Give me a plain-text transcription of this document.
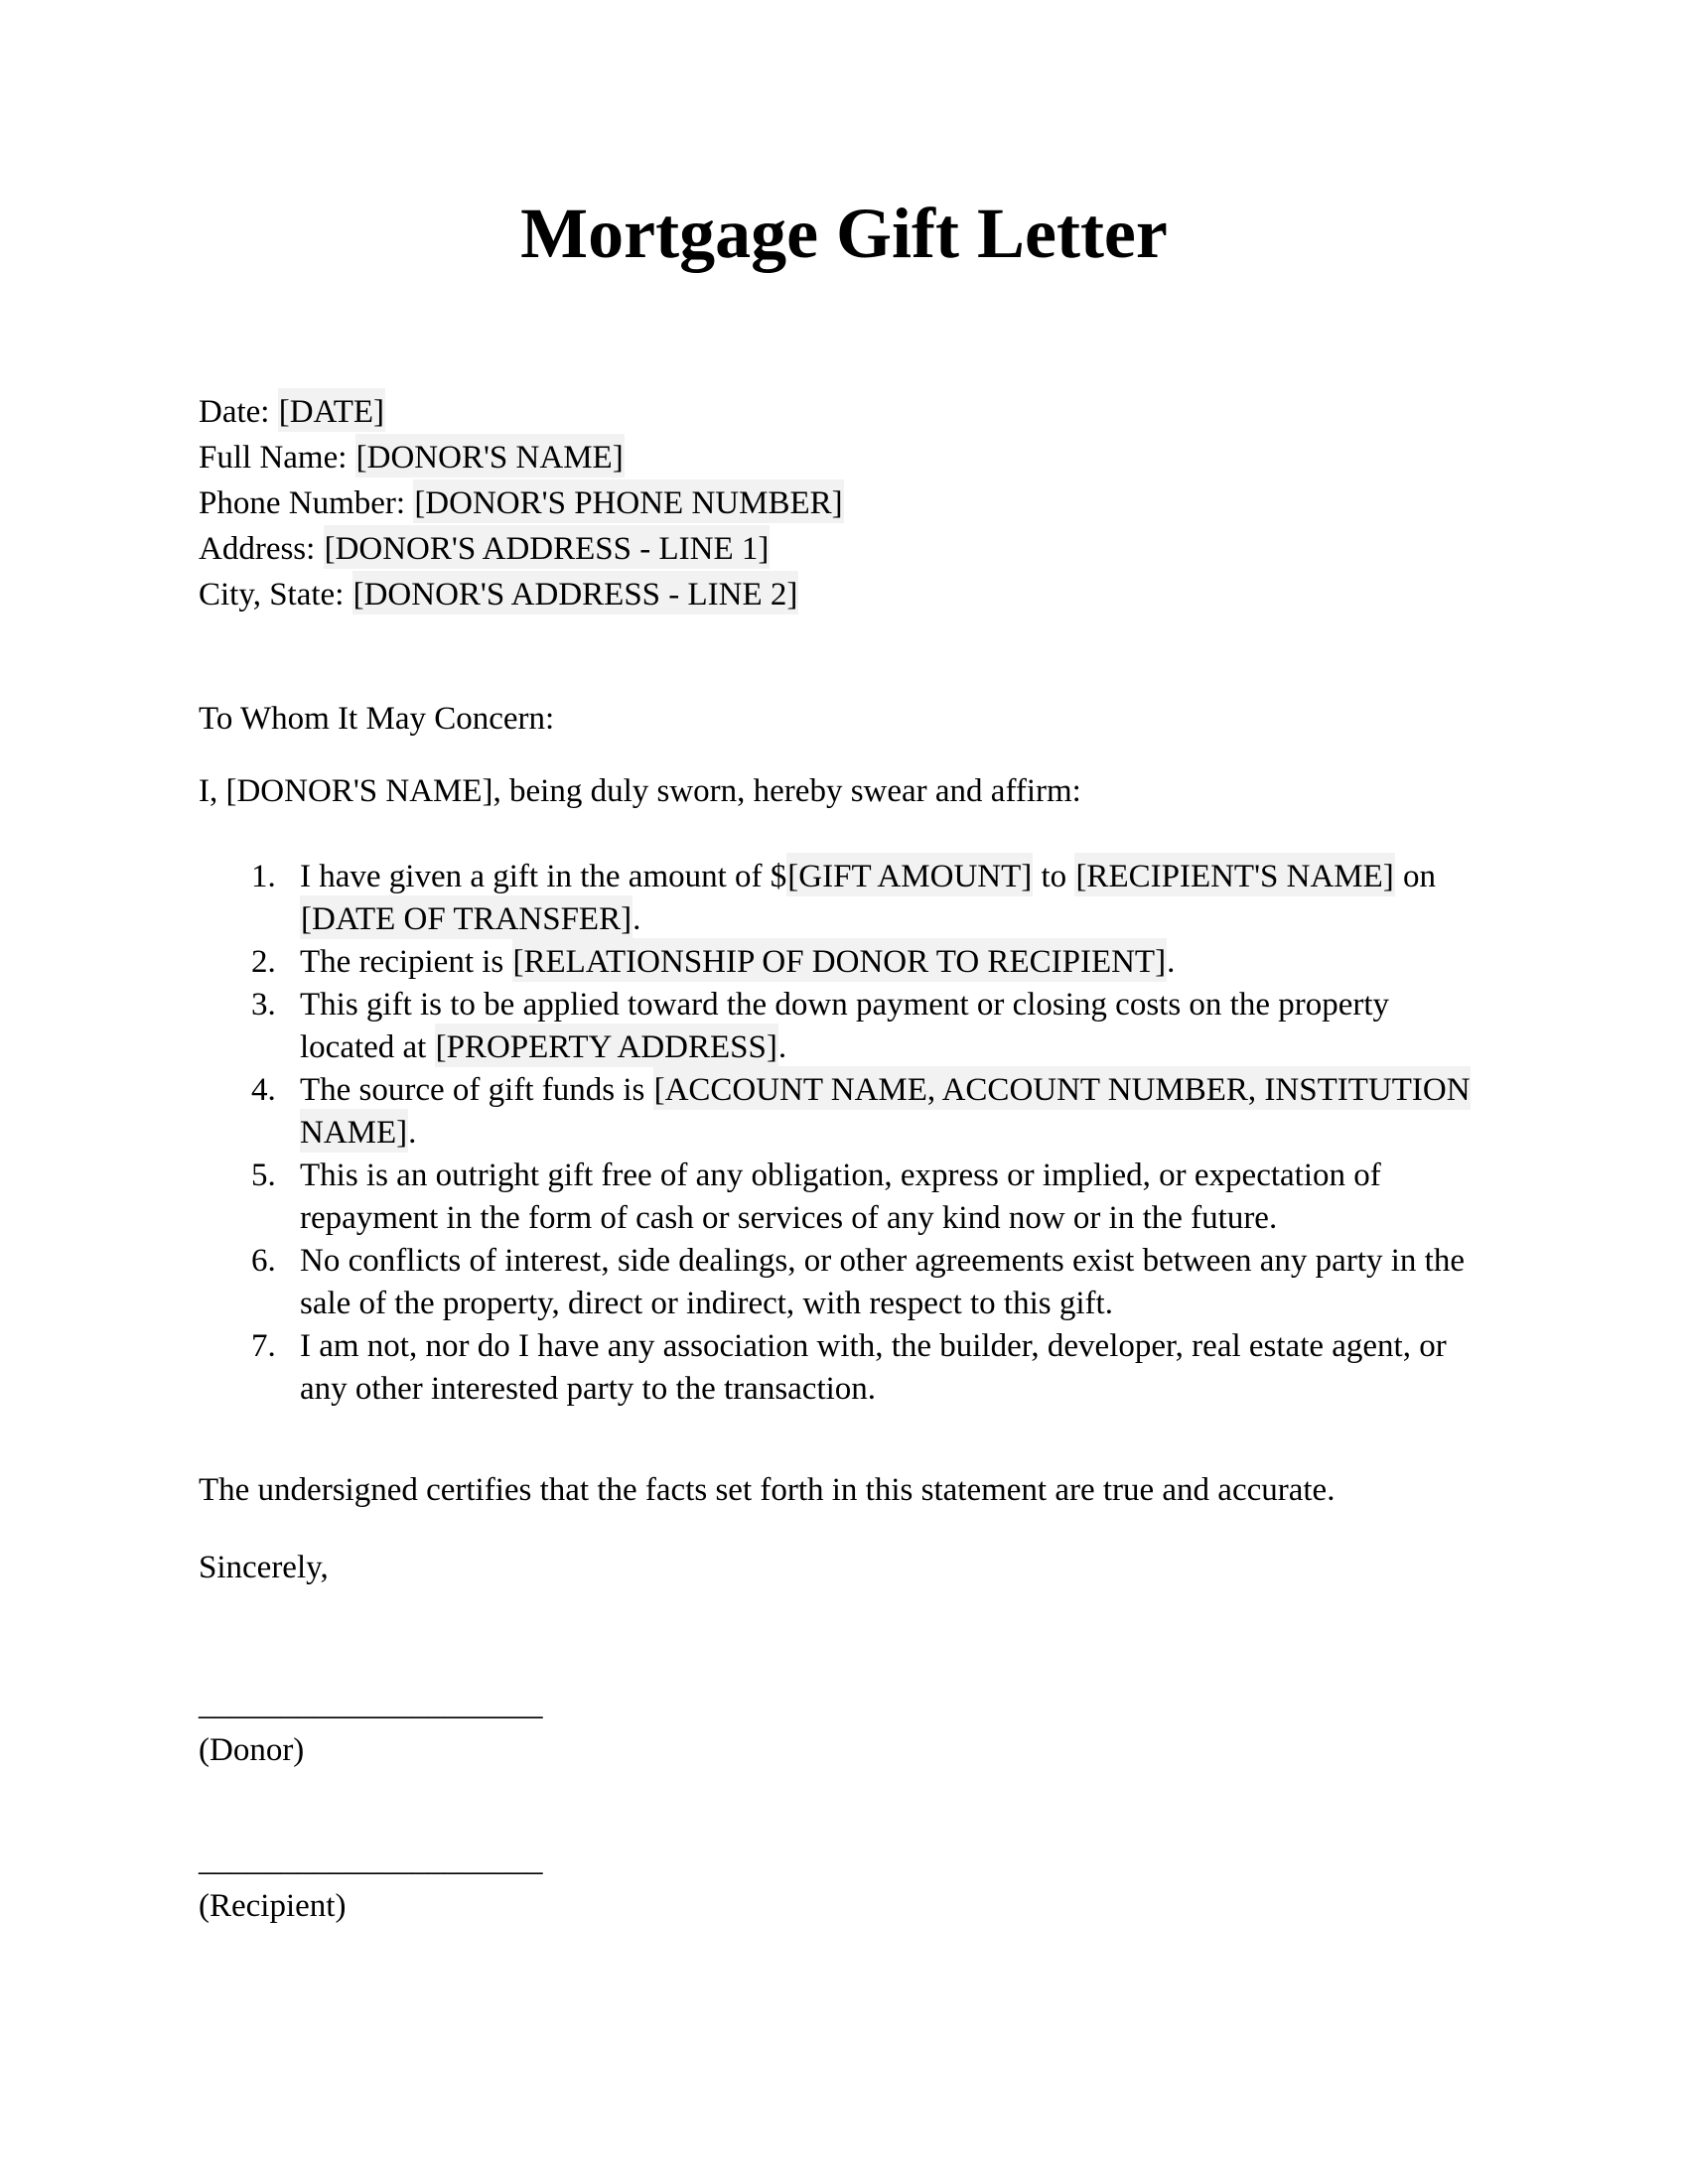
Mortgage Gift Letter
Date: [DATE]
Full Name: [DONOR'S NAME]
Phone Number: [DONOR'S PHONE NUMBER]
Address: [DONOR'S ADDRESS - LINE 1]
City, State: [DONOR'S ADDRESS - LINE 2]

To Whom It May Concern:

I, [DONOR'S NAME], being duly sworn, hereby swear and affirm:

1. I have given a gift in the amount of $[GIFT AMOUNT] to [RECIPIENT'S NAME] on [DATE OF TRANSFER].
2. The recipient is [RELATIONSHIP OF DONOR TO RECIPIENT].
3. This gift is to be applied toward the down payment or closing costs on the property located at [PROPERTY ADDRESS].
4. The source of gift funds is [ACCOUNT NAME, ACCOUNT NUMBER, INSTITUTION NAME].
5. This is an outright gift free of any obligation, express or implied, or expectation of repayment in the form of cash or services of any kind now or in the future.
6. No conflicts of interest, side dealings, or other agreements exist between any party in the sale of the property, direct or indirect, with respect to this gift.
7. I am not, nor do I have any association with, the builder, developer, real estate agent, or any other interested party to the transaction.

The undersigned certifies that the facts set forth in this statement are true and accurate.

Sincerely,

_____________________
(Donor)
_____________________
(Recipient)
